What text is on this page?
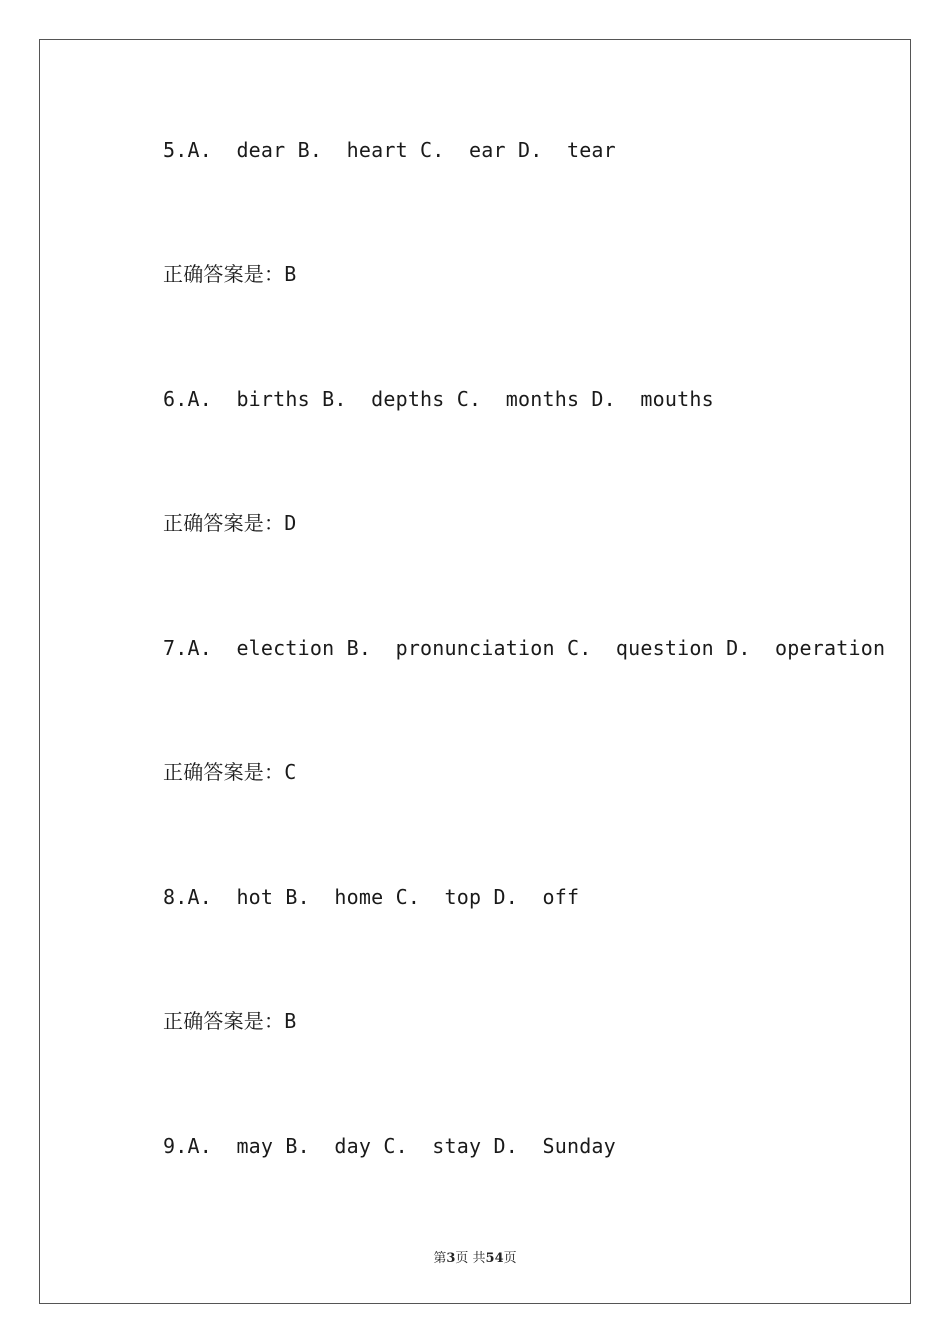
5.A.  dear B.  heart C.  ear D.  tear
正确答案是：B
6.A.  births B.  depths C.  months D.  mouths
正确答案是：D
7.A.  election B.  pronunciation C.  question D.  operation
正确答案是：C
8.A.  hot B.  home C.  top D.  off
正确答案是：B
9.A.  may B.  day C.  stay D.  Sunday
第3页 共54页
